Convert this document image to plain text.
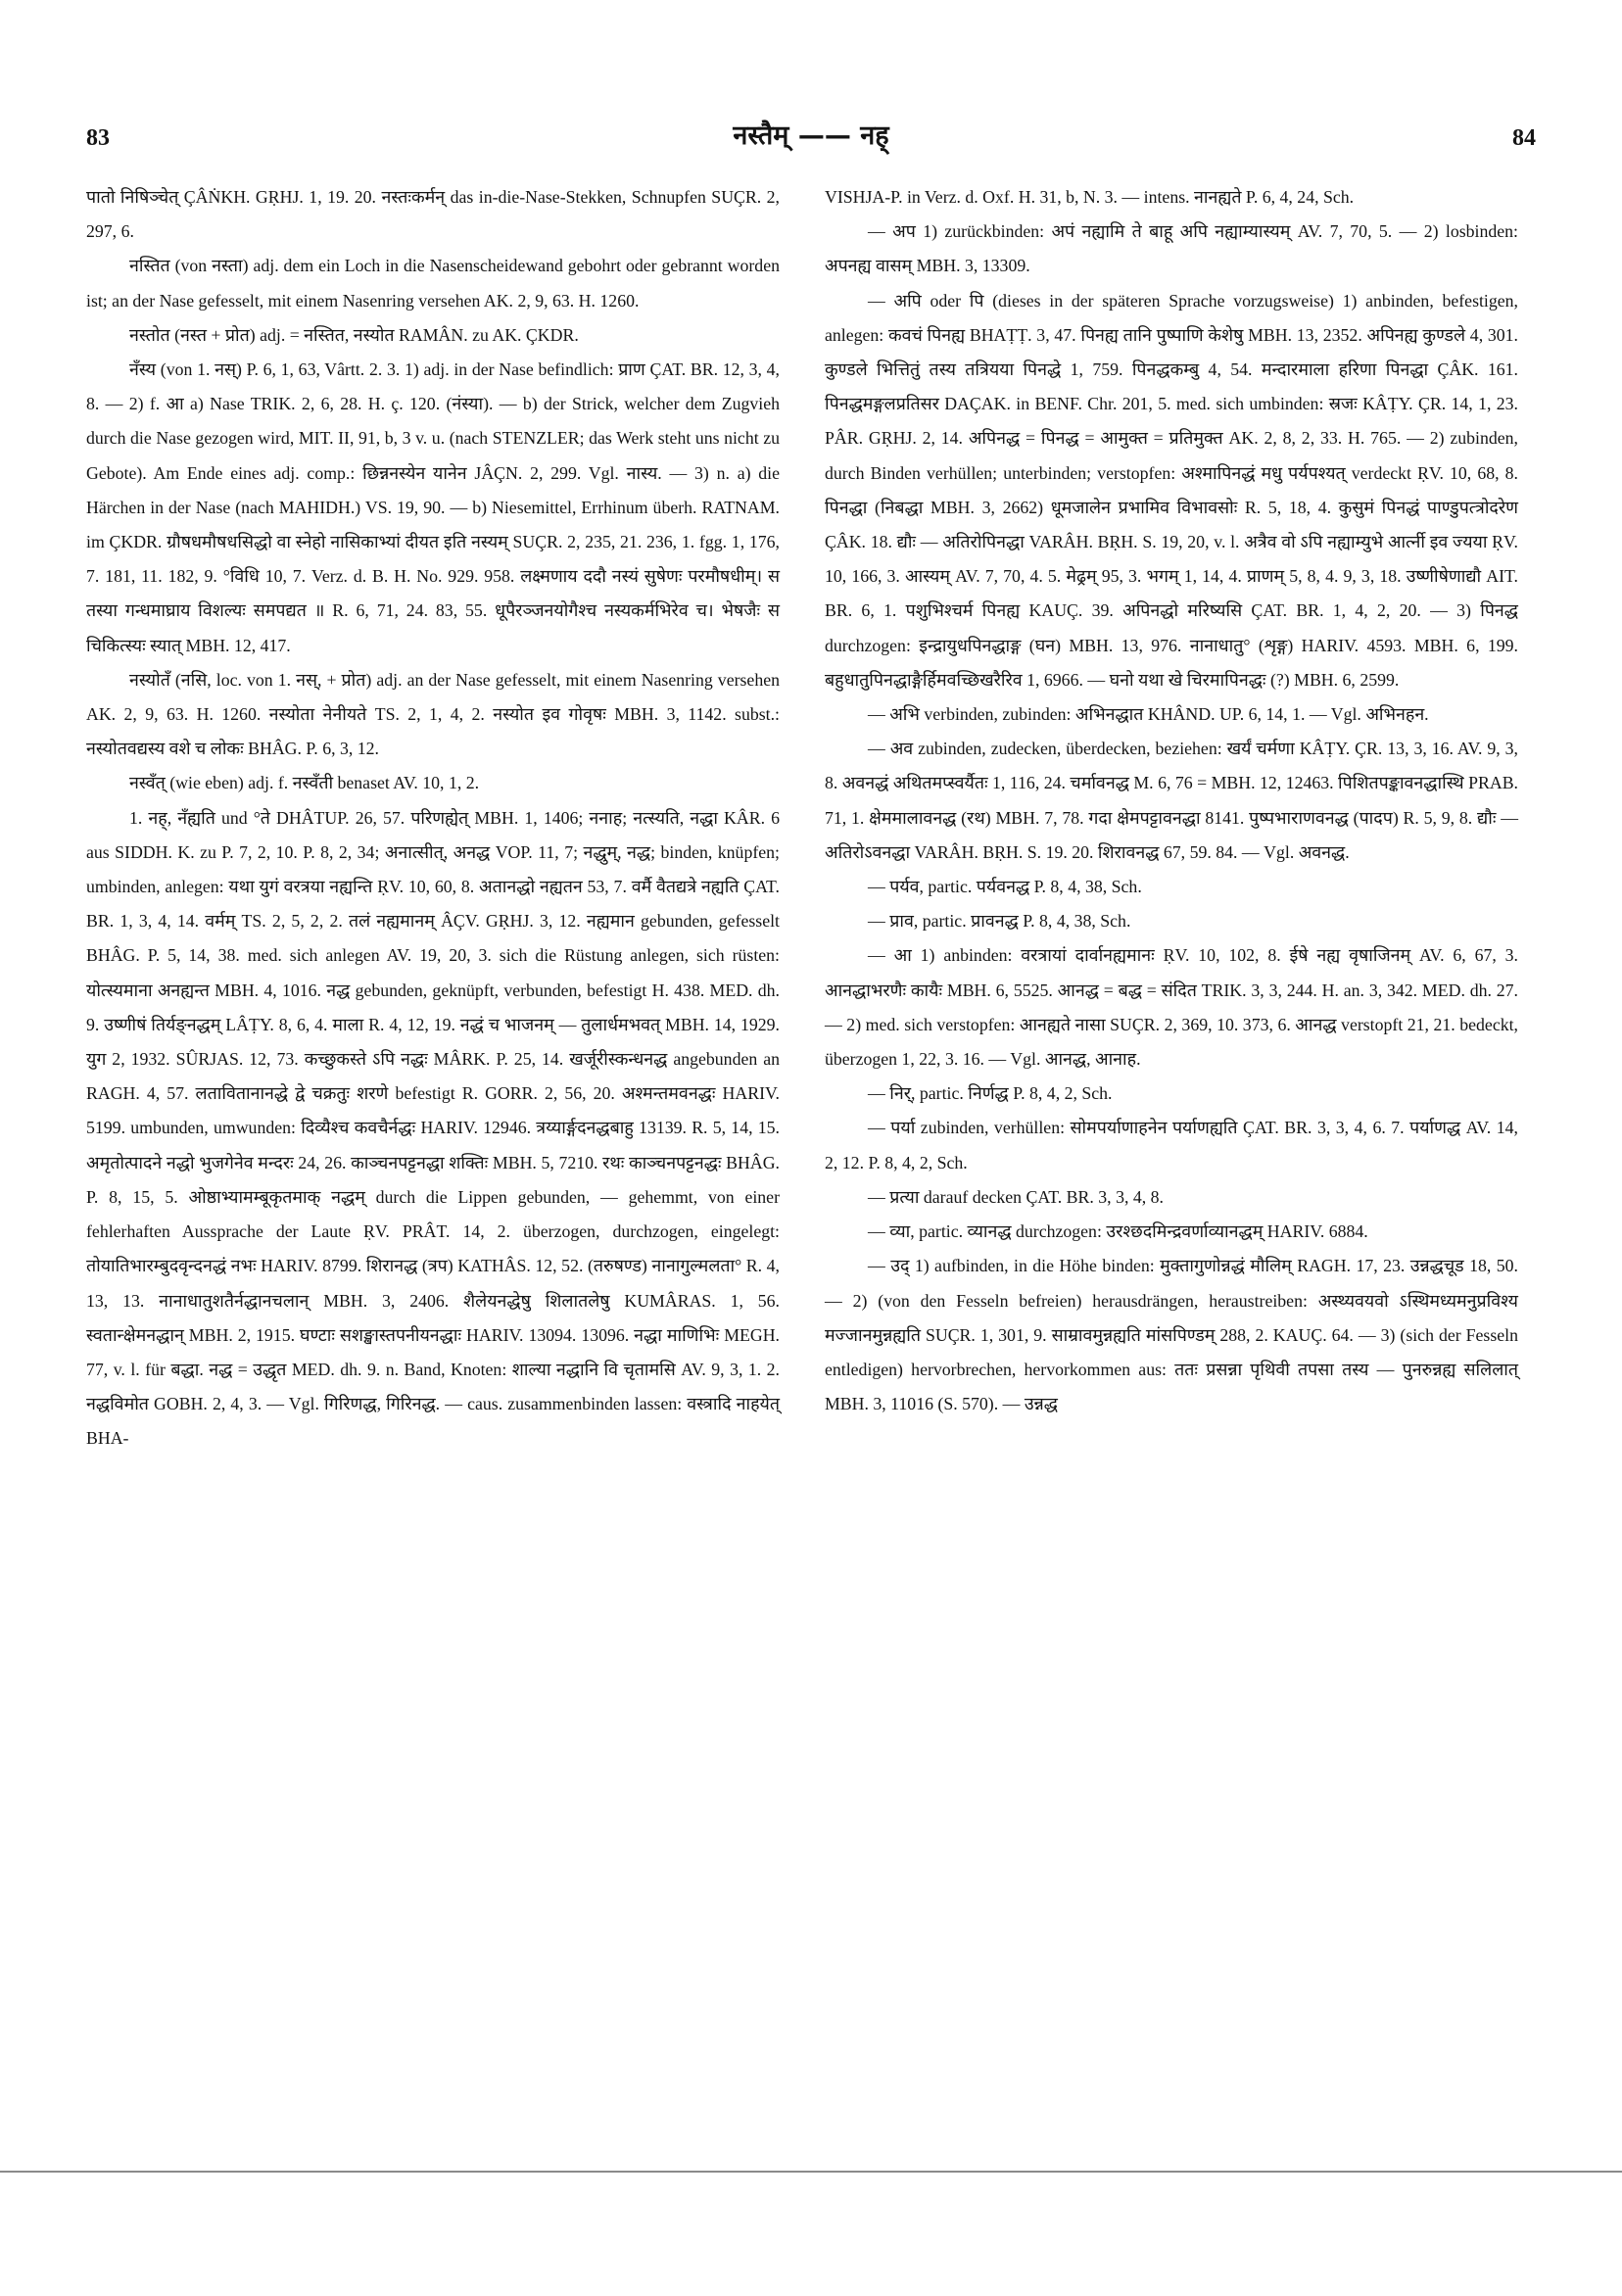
83	नस्तैम् —— नह्	84

पातो निषिञ्चेत् ÇÂṄKH. GṚHJ. 1, 19. 20. नस्तःकर्मन् das in-die-Nase-Stekken, Schnupfen SUÇR. 2, 297, 6.

नस्तित (von नस्ता) adj. dem ein Loch in die Nasenscheidewand gebohrt oder gebrannt worden ist; an der Nase gefesselt, mit einem Nasenring versehen AK. 2, 9, 63. H. 1260.

नस्तोत (नस्त + प्रोत) adj. = नस्तित, नस्योत RAMÂN. zu AK. ÇKDR.

नँस्य (von 1. नस्) P. 6, 1, 63, Vârtt. 2. 3. 1) adj. in der Nase befindlich: प्राण ÇAT. BR. 12, 3, 4, 8. — 2) f. आ a) Nase TRIK. 2, 6, 28. H. ç. 120. (नंस्या). — b) der Strick, welcher dem Zugvieh durch die Nase gezogen wird, MIT. II, 91, b, 3 v. u. (nach STENZLER; das Werk steht uns nicht zu Gebote). Am Ende eines adj. comp.: छिन्ननस्येन यानेन JÂÇN. 2, 299. Vgl. नास्य. — 3) n. a) die Härchen in der Nase (nach MAHIDH.) VS. 19, 90. — b) Niesemittel, Errhinum überh. RATNAM. im ÇKDR. ग्रौषधमौषधसिद्धो वा स्नेहो नासिकाभ्यां दीयत इति नस्यम् SUÇR. 2, 235, 21. 236, 1. fgg. 1, 176, 7. 181, 11. 182, 9. °विधि 10, 7. Verz. d. B. H. No. 929. 958. लक्ष्मणाय ददौ नस्यं सुषेणः परमौषधीम्। स तस्या गन्धमाघ्राय विशल्यः समपद्यत ॥ R. 6, 71, 24. 83, 55. धूपैरञ्जनयोगैश्च नस्यकर्मभिरेव च। भेषजैः स चिकित्स्यः स्यात् MBH. 12, 417.

नस्योतँ (नसि, loc. von 1. नस्, + प्रोत) adj. an der Nase gefesselt, mit einem Nasenring versehen AK. 2, 9, 63. H. 1260. नस्योता नेनीयते TS. 2, 1, 4, 2. नस्योत इव गोवृषः MBH. 3, 1142. subst.: नस्योतवद्यस्य वशे च लोकः BHÂG. P. 6, 3, 12.

नस्वँत् (wie eben) adj. f. नस्वँती benaset AV. 10, 1, 2.

1. नह्, नँह्यति und °ते DHÂTUP. 26, 57. परिणह्येत् MBH. 1, 1406; ननाह; नत्स्यति, नद्धा KÂR. 6 aus SIDDH. K. zu P. 7, 2, 10. P. 8, 2, 34; अनात्सीत्, अनद्ध VOP. 11, 7; नद्धुम्, नद्ध; binden, knüpfen; umbinden, anlegen: यथा युगं वरत्रया नह्यन्ति ṚV. 10, 60, 8. अतानद्धो नह्यतन 53, 7. वर्मै वैतद्यत्रे नह्यति ÇAT. BR. 1, 3, 4, 14. वर्मम् TS. 2, 5, 2, 2. तलं नह्यमानम् ÂÇV. GṚHJ. 3, 12. नह्यमान gebunden, gefesselt BHÂG. P. 5, 14, 38. med. sich anlegen AV. 19, 20, 3. sich die Rüstung anlegen, sich rüsten: योत्स्यमाना अनह्यन्त MBH. 4, 1016. नद्ध gebunden, geknüpft, verbunden, befestigt H. 438. MED. dh. 9. उष्णीषं तिर्यङ्नद्धम् LÂṬY. 8, 6, 4. माला R. 4, 12, 19. नद्धं च भाजनम् — तुलार्धमभवत् MBH. 14, 1929. युग 2, 1932. SÛRJAS. 12, 73. कच्छुकस्ते ऽपि नद्धः MÂRK. P. 25, 14. खर्जूरीस्कन्धनद्ध angebunden an RAGH. 4, 57. लतावितानानद्धे द्वे चक्रतुः शरणे befestigt R. GORR. 2, 56, 20. अश्मन्तमवनद्धः HARIV. 5199. umbunden, umwunden: दिव्यैश्च कवचैर्नद्धः HARIV. 12946. त्रय्यार्ङ्गदनद्धबाहु 13139. R. 5, 14, 15. अमृतोत्पादने नद्धो भुजगेनेव मन्दरः 24, 26. काञ्चनपट्टनद्धा शक्तिः MBH. 5, 7210. रथः काञ्चनपट्टनद्धः BHÂG. P. 8, 15, 5. ओष्ठाभ्यामम्बूकृतमाक् नद्धम् durch die Lippen gebunden, — gehemmt, von einer fehlerhaften Aussprache der Laute ṚV. PRÂT. 14, 2. überzogen, durchzogen, eingelegt: तोयातिभारम्बुदवृन्दनद्धं नभः HARIV. 8799. शिरानद्ध (त्रप) KATHÂS. 12, 52. (तरुषण्ड) नानागुल्मलता° R. 4, 13, 13. नानाधातुशतैर्नद्धानचलान् MBH. 3, 2406. शैलेयनद्धेषु शिलातलेषु KUMÂRAS. 1, 56. स्वतान्क्षेमनद्धान् MBH. 2, 1915. घण्टाः सशङ्खास्तपनीयनद्धाः HARIV. 13094. 13096. नद्धा माणिभिः MEGH. 77, v. l. für बद्धा. नद्ध = उद्धृत MED. dh. 9. n. Band, Knoten: शाल्या नद्धानि वि चृतामसि AV. 9, 3, 1. 2. नद्धविमोत GOBH. 2, 4, 3. — Vgl. गिरिणद्ध, गिरिनद्ध. — caus. zusammenbinden lassen: वस्त्रादि नाहयेत् BHA-

VISHJA-P. in Verz. d. Oxf. H. 31, b, N. 3. — intens. नानह्यते P. 6, 4, 24, Sch.

— अप 1) zurückbinden: अपं नह्यामि ते बाहू अपि नह्याम्यास्यम् AV. 7, 70, 5. — 2) losbinden: अपनह्य वासम् MBH. 3, 13309.

— अपि oder पि (dieses in der späteren Sprache vorzugsweise) 1) anbinden, befestigen, anlegen: कवचं पिनह्य BHAṬṬ. 3, 47. पिनह्य तानि पुष्पाणि केशेषु MBH. 13, 2352. अपिनह्य कुण्डले 4, 301. कुण्डले भित्तितुं तस्य तत्रियया पिनद्धे 1, 759. पिनद्धकम्बु 4, 54. मन्दारमाला हरिणा पिनद्धा ÇÂK. 161. पिनद्धमङ्गलप्रतिसर DAÇAK. in BENF. Chr. 201, 5. med. sich umbinden: स्रजः KÂṬY. ÇR. 14, 1, 23. PÂR. GṚHJ. 2, 14. अपिनद्ध = पिनद्ध = आमुक्त = प्रतिमुक्त AK. 2, 8, 2, 33. H. 765. — 2) zubinden, durch Binden verhüllen; unterbinden; verstopfen: अश्मापिनद्धं मधु पर्यपश्यत् verdeckt ṚV. 10, 68, 8. पिनद्धा (निबद्धा MBH. 3, 2662) धूमजालेन प्रभामिव विभावसोः R. 5, 18, 4. कुसुमं पिनद्धं पाण्डुपत्त्रोदरेण ÇÂK. 18. द्यौः — अतिरोपिनद्धा VARÂH. BṚH. S. 19, 20, v. l. अत्रैव वो ऽपि नह्याम्युभे आर्त्नी इव ज्यया ṚV. 10, 166, 3. आस्यम् AV. 7, 70, 4. 5. मेढ्रम् 95, 3. भगम् 1, 14, 4. प्राणम् 5, 8, 4. 9, 3, 18. उष्णीषेणाद्यौ AIT. BR. 6, 1. पशुभिश्चर्म पिनह्य KAUÇ. 39. अपिनद्धो मरिष्यसि ÇAT. BR. 1, 4, 2, 20. — 3) पिनद्ध durchzogen: इन्द्रायुधपिनद्धाङ्ग (घन) MBH. 13, 976. नानाधातु° (शृङ्ग) HARIV. 4593. MBH. 6, 199. बहुधातुपिनद्धाङ्गैर्हिमवच्छिखरैरिव 1, 6966. — घनो यथा खे चिरमापिनद्धः (?) MBH. 6, 2599.

— अभि verbinden, zubinden: अभिनद्धात KHÂND. UP. 6, 14, 1. — Vgl. अभिनहन.

— अव zubinden, zudecken, überdecken, beziehen: खर्यं चर्मणा KÂṬY. ÇR. 13, 3, 16. AV. 9, 3, 8. अवनद्धं अथितमप्स्वर्यैतः 1, 116, 24. चर्मावनद्ध M. 6, 76 = MBH. 12, 12463. पिशितपङ्कावनद्धास्थि PRAB. 71, 1. क्षेममालावनद्ध (रथ) MBH. 7, 78. गदा क्षेमपट्टावनद्धा 8141. पुष्पभाराणवनद्ध (पादप) R. 5, 9, 8. द्यौः — अतिरोऽवनद्धा VARÂH. BṚH. S. 19. 20. शिरावनद्ध 67, 59. 84. — Vgl. अवनद्ध.

— पर्यव, partic. पर्यवनद्ध P. 8, 4, 38, Sch.

— प्राव, partic. प्रावनद्ध P. 8, 4, 38, Sch.

— आ 1) anbinden: वरत्रायां दार्वानह्यमानः ṚV. 10, 102, 8. ईषे नह्य वृषाजिनम् AV. 6, 67, 3. आनद्धाभरणैः कायैः MBH. 6, 5525. आनद्ध = बद्ध = संदित TRIK. 3, 3, 244. H. an. 3, 342. MED. dh. 27. — 2) med. sich verstopfen: आनह्यते नासा SUÇR. 2, 369, 10. 373, 6. आनद्ध verstopft 21, 21. bedeckt, überzogen 1, 22, 3. 16. — Vgl. आनद्ध, आनाह.

— निर्, partic. निर्णद्ध P. 8, 4, 2, Sch.

— पर्या zubinden, verhüllen: सोमपर्याणाहनेन पर्याणह्यति ÇAT. BR. 3, 3, 4, 6. 7. पर्याणद्ध AV. 14, 2, 12. P. 8, 4, 2, Sch.

— प्रत्या darauf decken ÇAT. BR. 3, 3, 4, 8.

— व्या, partic. व्यानद्ध durchzogen: उरश्छदमिन्द्रवर्णाव्यानद्धम् HARIV. 6884.

— उद् 1) aufbinden, in die Höhe binden: मुक्तागुणोन्नद्धं मौलिम् RAGH. 17, 23. उन्नद्धचूड 18, 50. — 2) (von den Fesseln befreien) herausdrängen, heraustreiben: अस्थ्यवयवो ऽस्थिमध्यमनुप्रविश्य मज्जानमुन्नह्यति SUÇR. 1, 301, 9. साम्रावमुन्नह्यति मांसपिण्डम् 288, 2. KAUÇ. 64. — 3) (sich der Fesseln entledigen) hervorbrechen, hervorkommen aus: ततः प्रसन्ना पृथिवी तपसा तस्य — पुनरुन्नह्य सलिलात् MBH. 3, 11016 (S. 570). — उन्नद्ध
